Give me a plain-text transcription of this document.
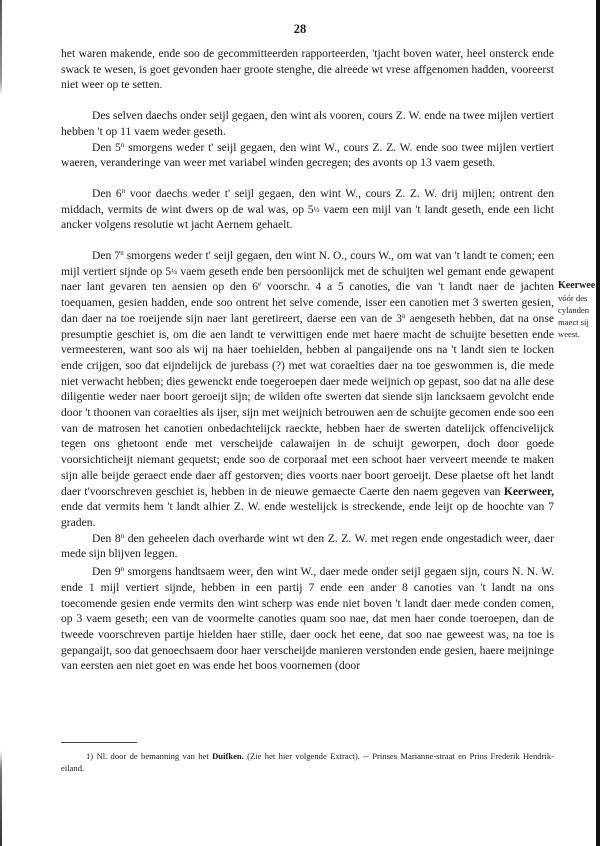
28

het waren makende, ende soo de gecommitteerden rapporteerden, 'tjacht boven water, heel onsterck ende swack te wesen, is goet gevonden haer groote stenghe, die alreede wt vrese affgenomen hadden, vooreerst niet weer op te setten.

Des selven daechs onder seijl gegaen, den wint als vooren, cours Z. W. ende na twee mijlen vertiert hebben 't op 11 vaem weder geseth.

Den 5$^n$ smorgens weder t' seijl gegaen, den wint W., cours Z. Z. W. ende soo twee mijlen vertiert waeren, veranderinge van weer met variabel winden gecregen; des avonts op 13 vaem geseth.

Den 6$^n$ voor daechs weder t' seijl gegaen, den wint W., cours Z. Z. W. drij mijlen; ontrent den middach, vermits de wint dwers op de wal was, op 5½ vaem een mijl van 't landt geseth, ende een licht ancker volgens resolutie wt jacht Aernem gehaelt.

Den 7$^n$ smorgens weder t' seijl gegaen, den wint N. O., cours W., om wat van 't landt te comen; een mijl vertiert sijnde op 5¼ vaem geseth ende ben persoonlijck met de schuijten wel gemant ende gewapent naer lant gevaren ten aensien op den 6e voorschr. 4 a 5 canoties, die van 't landt naer de jachten toequamen, gesien hadden, ende soo ontrent het selve comende, isser een canotien met 3 swerten gesien, dan daer na toe roeijende sijn naer lant geretireert, daerse een van de 3$^n$ aengeseth hebben, dat na onse presumptie geschiet is, om die aen landt te verwittigen ende met haere macht de schuijte besetten ende vermeesteren, want soo als wij na haer toehielden, hebben al pangaijende ons na 't landt sien te locken ende crijgen, soo dat eijndelijck de jurebass (?) met wat coraelties daer na toe geswommen is, die mede niet verwacht hebben; dies gewenckt ende toegeroepen daer mede weijnich op gepast, soo dat na alle dese diligentie weder naer boort geroeijt sijn; de wilden ofte swerten dat siende sijn lancksaem gevolcht ende door 't thoonen van coraelties als ijser, sijn met weijnich betrouwen aen de schuijte gecomen ende soo een van de matrosen het canotien onbedachtelijck raeckte, hebben haer de swerten datelijck offencivelijck tegen ons ghetoont ende met verscheijde calawaijen in de schuijt geworpen, doch door goede voorsichticheijt niemant gequetst; ende soo de corporaal met een schoot haer verveert meende te maken sijn alle beijde geraect ende daer aff gestorven; dies voorts naer boort geroeijt. Dese plaetse oft het landt daer t'voorschreven geschiet is, hebben in de nieuwe gemaecte Caerte den naem gegeven van Keerweer, ende dat vermits hem 't landt alhier Z. W. ende westelijck is streckende, ende leijt op de hoochte van 7 graden.

Den 8$^n$ den geheelen dach overharde wint wt den Z. Z. W. met regen ende ongestadich weer, daer mede sijn blijven leggen.

Den 9$^n$ smorgens handtsaem weer, den wint W., daer mede onder seijl gegaen sijn, cours N. N. W. ende 1 mijl vertiert sijnde, hebben in een partij 7 ende een ander 8 canoties van 't landt na ons toecomende gesien ende vermits den wint scherp was ende niet boven 't landt daer mede conden comen, op 3 vaem geseth; een van de voormelte canoties quam soo nae, dat men haer conde toeroepen, dan de tweede voorschreven partije hielden haer stille, daer oock het eene, dat soo nae geweest was, na toe is gepangaijt, soo dat genoechsaem door haer verscheijde manieren verstonden ende gesien, haere meijninge van eersten aen niet goet en was ende het boos voornemen (door

Keerwee
vóór des
cylanden
maect sij
weest.
1) Nl. door de bemanning van het Duifken. (Zie het hier volgende Extract). -- Prinses Marianne-straat en Prins Frederik Hendrik-eiland.
